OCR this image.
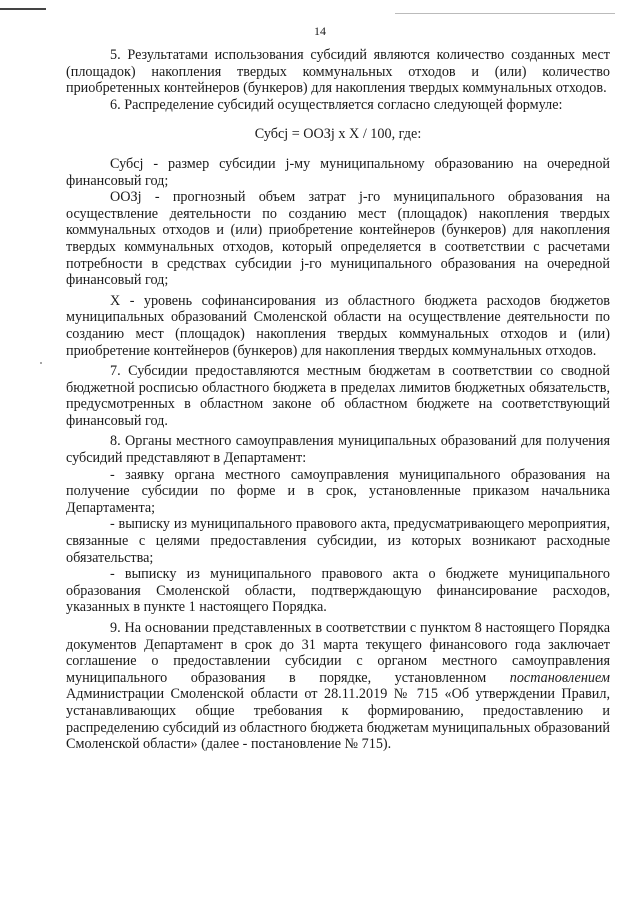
14

5. Результатами использования субсидий являются количество созданных мест (площадок) накопления твердых коммунальных отходов и (или) количество приобретенных контейнеров (бункеров) для накопления твердых коммунальных отходов.

6. Распределение субсидий осуществляется согласно следующей формуле:

Субсj = ООЗj x X / 100, где:

Субсj - размер субсидии j-му муниципальному образованию на очередной финансовый год;

ООЗj - прогнозный объем затрат j-го муниципального образования на осуществление деятельности по созданию мест (площадок) накопления твердых коммунальных отходов и (или) приобретение контейнеров (бункеров) для накопления твердых коммунальных отходов, который определяется в соответствии с расчетами потребности в средствах субсидии j-го муниципального образования на очередной финансовый год;

X - уровень софинансирования из областного бюджета расходов бюджетов муниципальных образований Смоленской области на осуществление деятельности по созданию мест (площадок) накопления твердых коммунальных отходов и (или) приобретение контейнеров (бункеров) для накопления твердых коммунальных отходов.

7. Субсидии предоставляются местным бюджетам в соответствии со сводной бюджетной росписью областного бюджета в пределах лимитов бюджетных обязательств, предусмотренных в областном законе об областном бюджете на соответствующий финансовый год.

8. Органы местного самоуправления муниципальных образований для получения субсидий представляют в Департамент:

- заявку органа местного самоуправления муниципального образования на получение субсидии по форме и в срок, установленные приказом начальника Департамента;

- выписку из муниципального правового акта, предусматривающего мероприятия, связанные с целями предоставления субсидии, из которых возникают расходные обязательства;

- выписку из муниципального правового акта о бюджете муниципального образования Смоленской области, подтверждающую финансирование расходов, указанных в пункте 1 настоящего Порядка.

9. На основании представленных в соответствии с пунктом 8 настоящего Порядка документов Департамент в срок до 31 марта текущего финансового года заключает соглашение о предоставлении субсидии с органом местного самоуправления муниципального образования в порядке, установленном постановлением Администрации Смоленской области от 28.11.2019 № 715 «Об утверждении Правил, устанавливающих общие требования к формированию, предоставлению и распределению субсидий из областного бюджета бюджетам муниципальных образований Смоленской области» (далее - постановление № 715).
